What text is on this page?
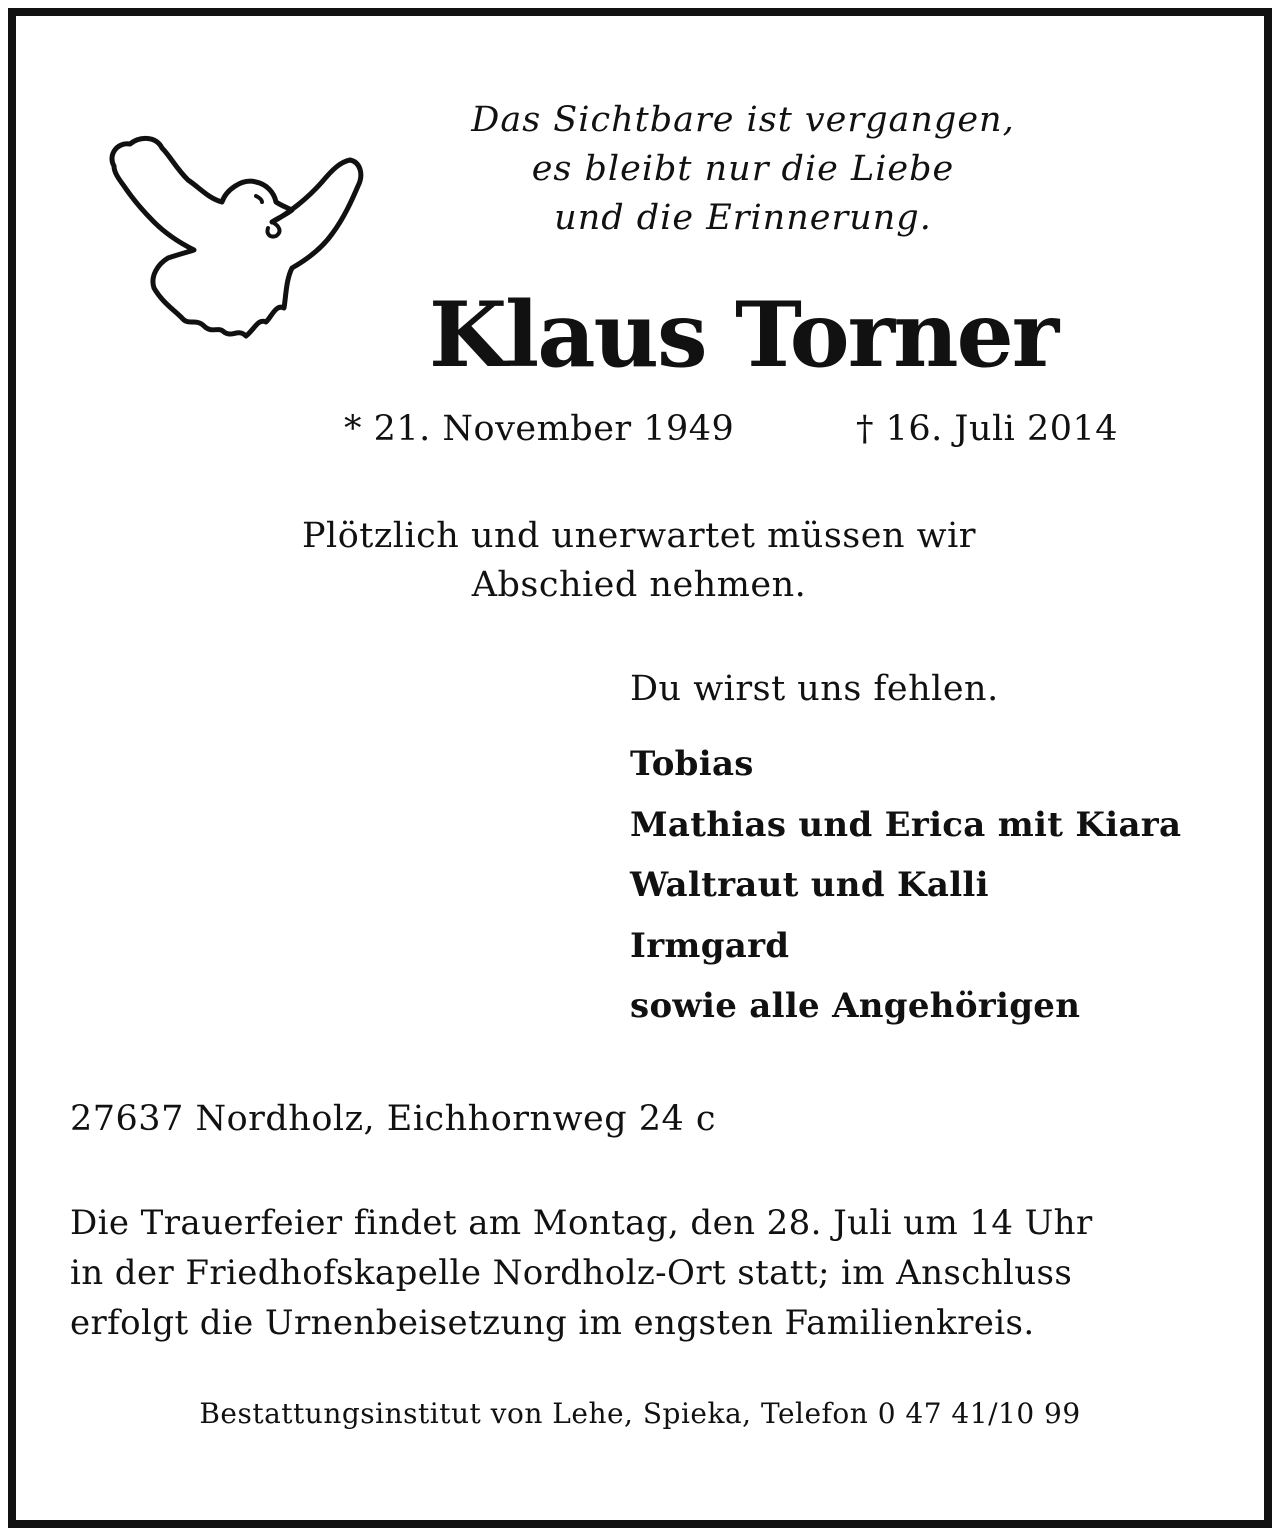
Das Sichtbare ist vergangen,
es bleibt nur die Liebe
und die Erinnerung.
Klaus Torner
* 21. November 1949	† 16. Juli 2014
Plötzlich und unerwartet müssen wir
Abschied nehmen.
Du wirst uns fehlen.
Tobias
Mathias und Erica mit Kiara
Waltraut und Kalli
Irmgard
sowie alle Angehörigen
27637 Nordholz, Eichhornweg 24 c
Die Trauerfeier findet am Montag, den 28. Juli um 14 Uhr
in der Friedhofskapelle Nordholz-Ort statt; im Anschluss
erfolgt die Urnenbeisetzung im engsten Familienkreis.
Bestattungsinstitut von Lehe, Spieka, Telefon 0 47 41/10 99
